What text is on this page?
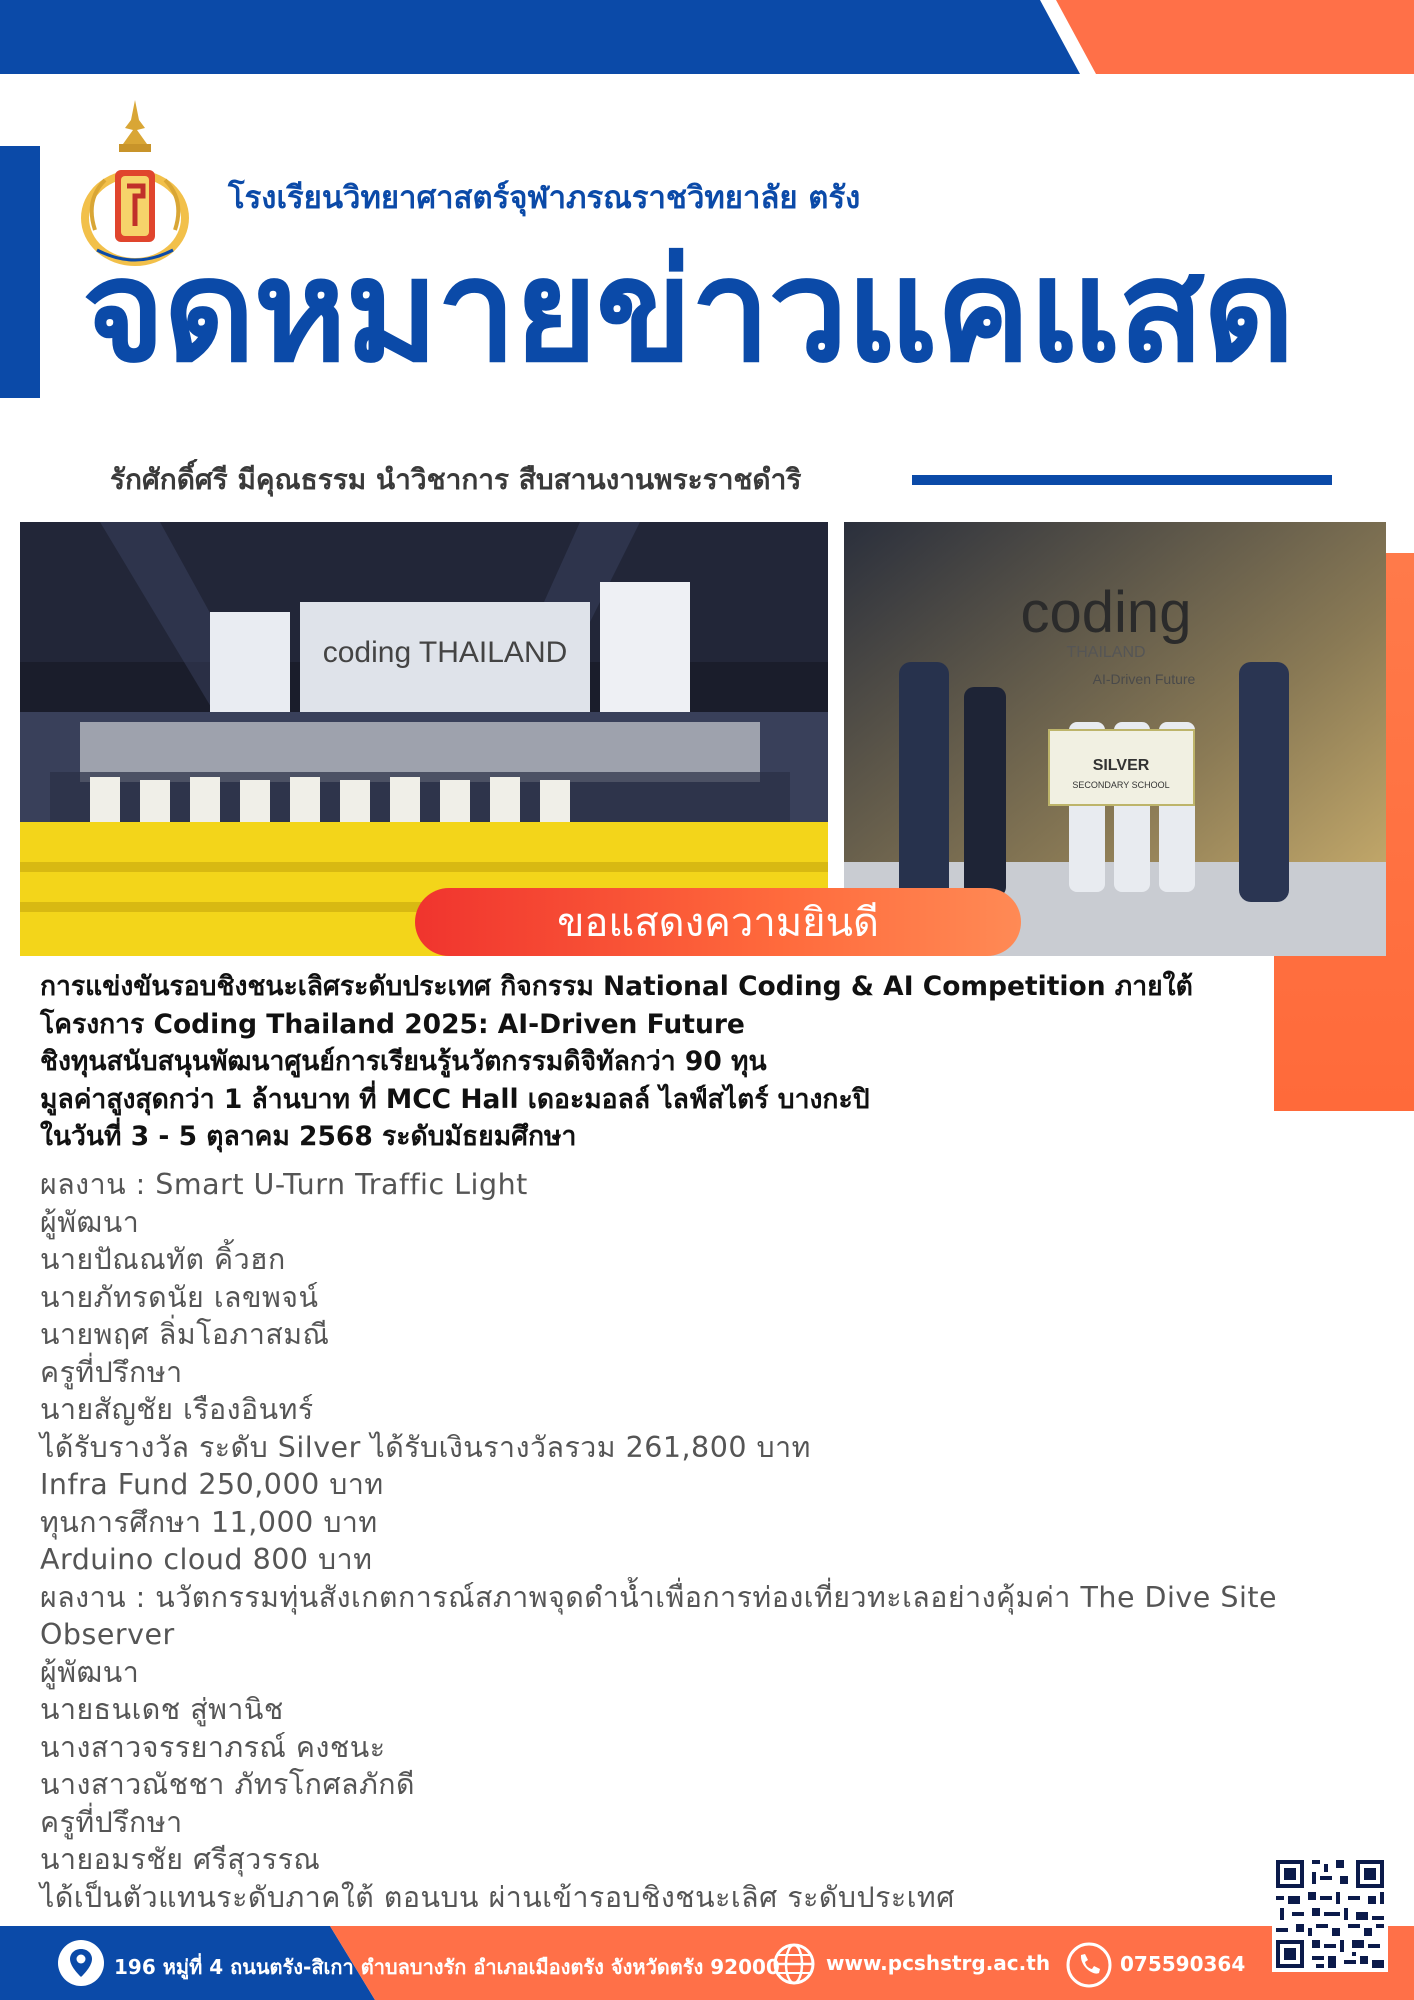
โรงเรียนวิทยาศาสตร์จุฬาภรณราชวิทยาลัย ตรัง
จดหมายข่าวแคแสด
รักศักดิ์ศรี มีคุณธรรม นำวิชาการ สืบสานงานพระราชดำริ
coding THAILAND
coding
THAILAND
AI-Driven Future
SILVER
SECONDARY SCHOOL
ขอแสดงความยินดี
การแข่งขันรอบชิงชนะเลิศระดับประเทศ กิจกรรม National Coding & AI Competition ภายใต้
โครงการ Coding Thailand 2025: AI-Driven Future
ชิงทุนสนับสนุนพัฒนาศูนย์การเรียนรู้นวัตกรรมดิจิทัลกว่า 90 ทุน
มูลค่าสูงสุดกว่า 1 ล้านบาท ที่ MCC Hall เดอะมอลล์ ไลฟ์สไตร์ บางกะปิ
ในวันที่ 3 - 5 ตุลาคม 2568 ระดับมัธยมศึกษา
ผลงาน : Smart U-Turn Traffic Light
ผู้พัฒนา
นายปัณณทัต คิ้วฮก
นายภัทรดนัย เลขพจน์
นายพฤศ ลิ่มโอภาสมณี
ครูที่ปรึกษา
นายสัญชัย เรืองอินทร์
ได้รับรางวัล ระดับ Silver ได้รับเงินรางวัลรวม 261,800 บาท
Infra Fund 250,000 บาท
ทุนการศึกษา 11,000 บาท
Arduino cloud 800 บาท
ผลงาน : นวัตกรรมทุ่นสังเกตการณ์สภาพจุดดำน้ำเพื่อการท่องเที่ยวทะเลอย่างคุ้มค่า The Dive Site
Observer
ผู้พัฒนา
นายธนเดช สู่พานิช
นางสาวจรรยาภรณ์ คงชนะ
นางสาวณัชชา ภัทรโกศลภักดี
ครูที่ปรึกษา
นายอมรชัย ศรีสุวรรณ
ได้เป็นตัวแทนระดับภาคใต้ ตอนบน ผ่านเข้ารอบชิงชนะเลิศ ระดับประเทศ
196 หมู่ที่ 4 ถนนตรัง-สิเกา ตำบลบางรัก อำเภอเมืองตรัง จังหวัดตรัง 92000 www.pcshstrg.ac.th	075590364
